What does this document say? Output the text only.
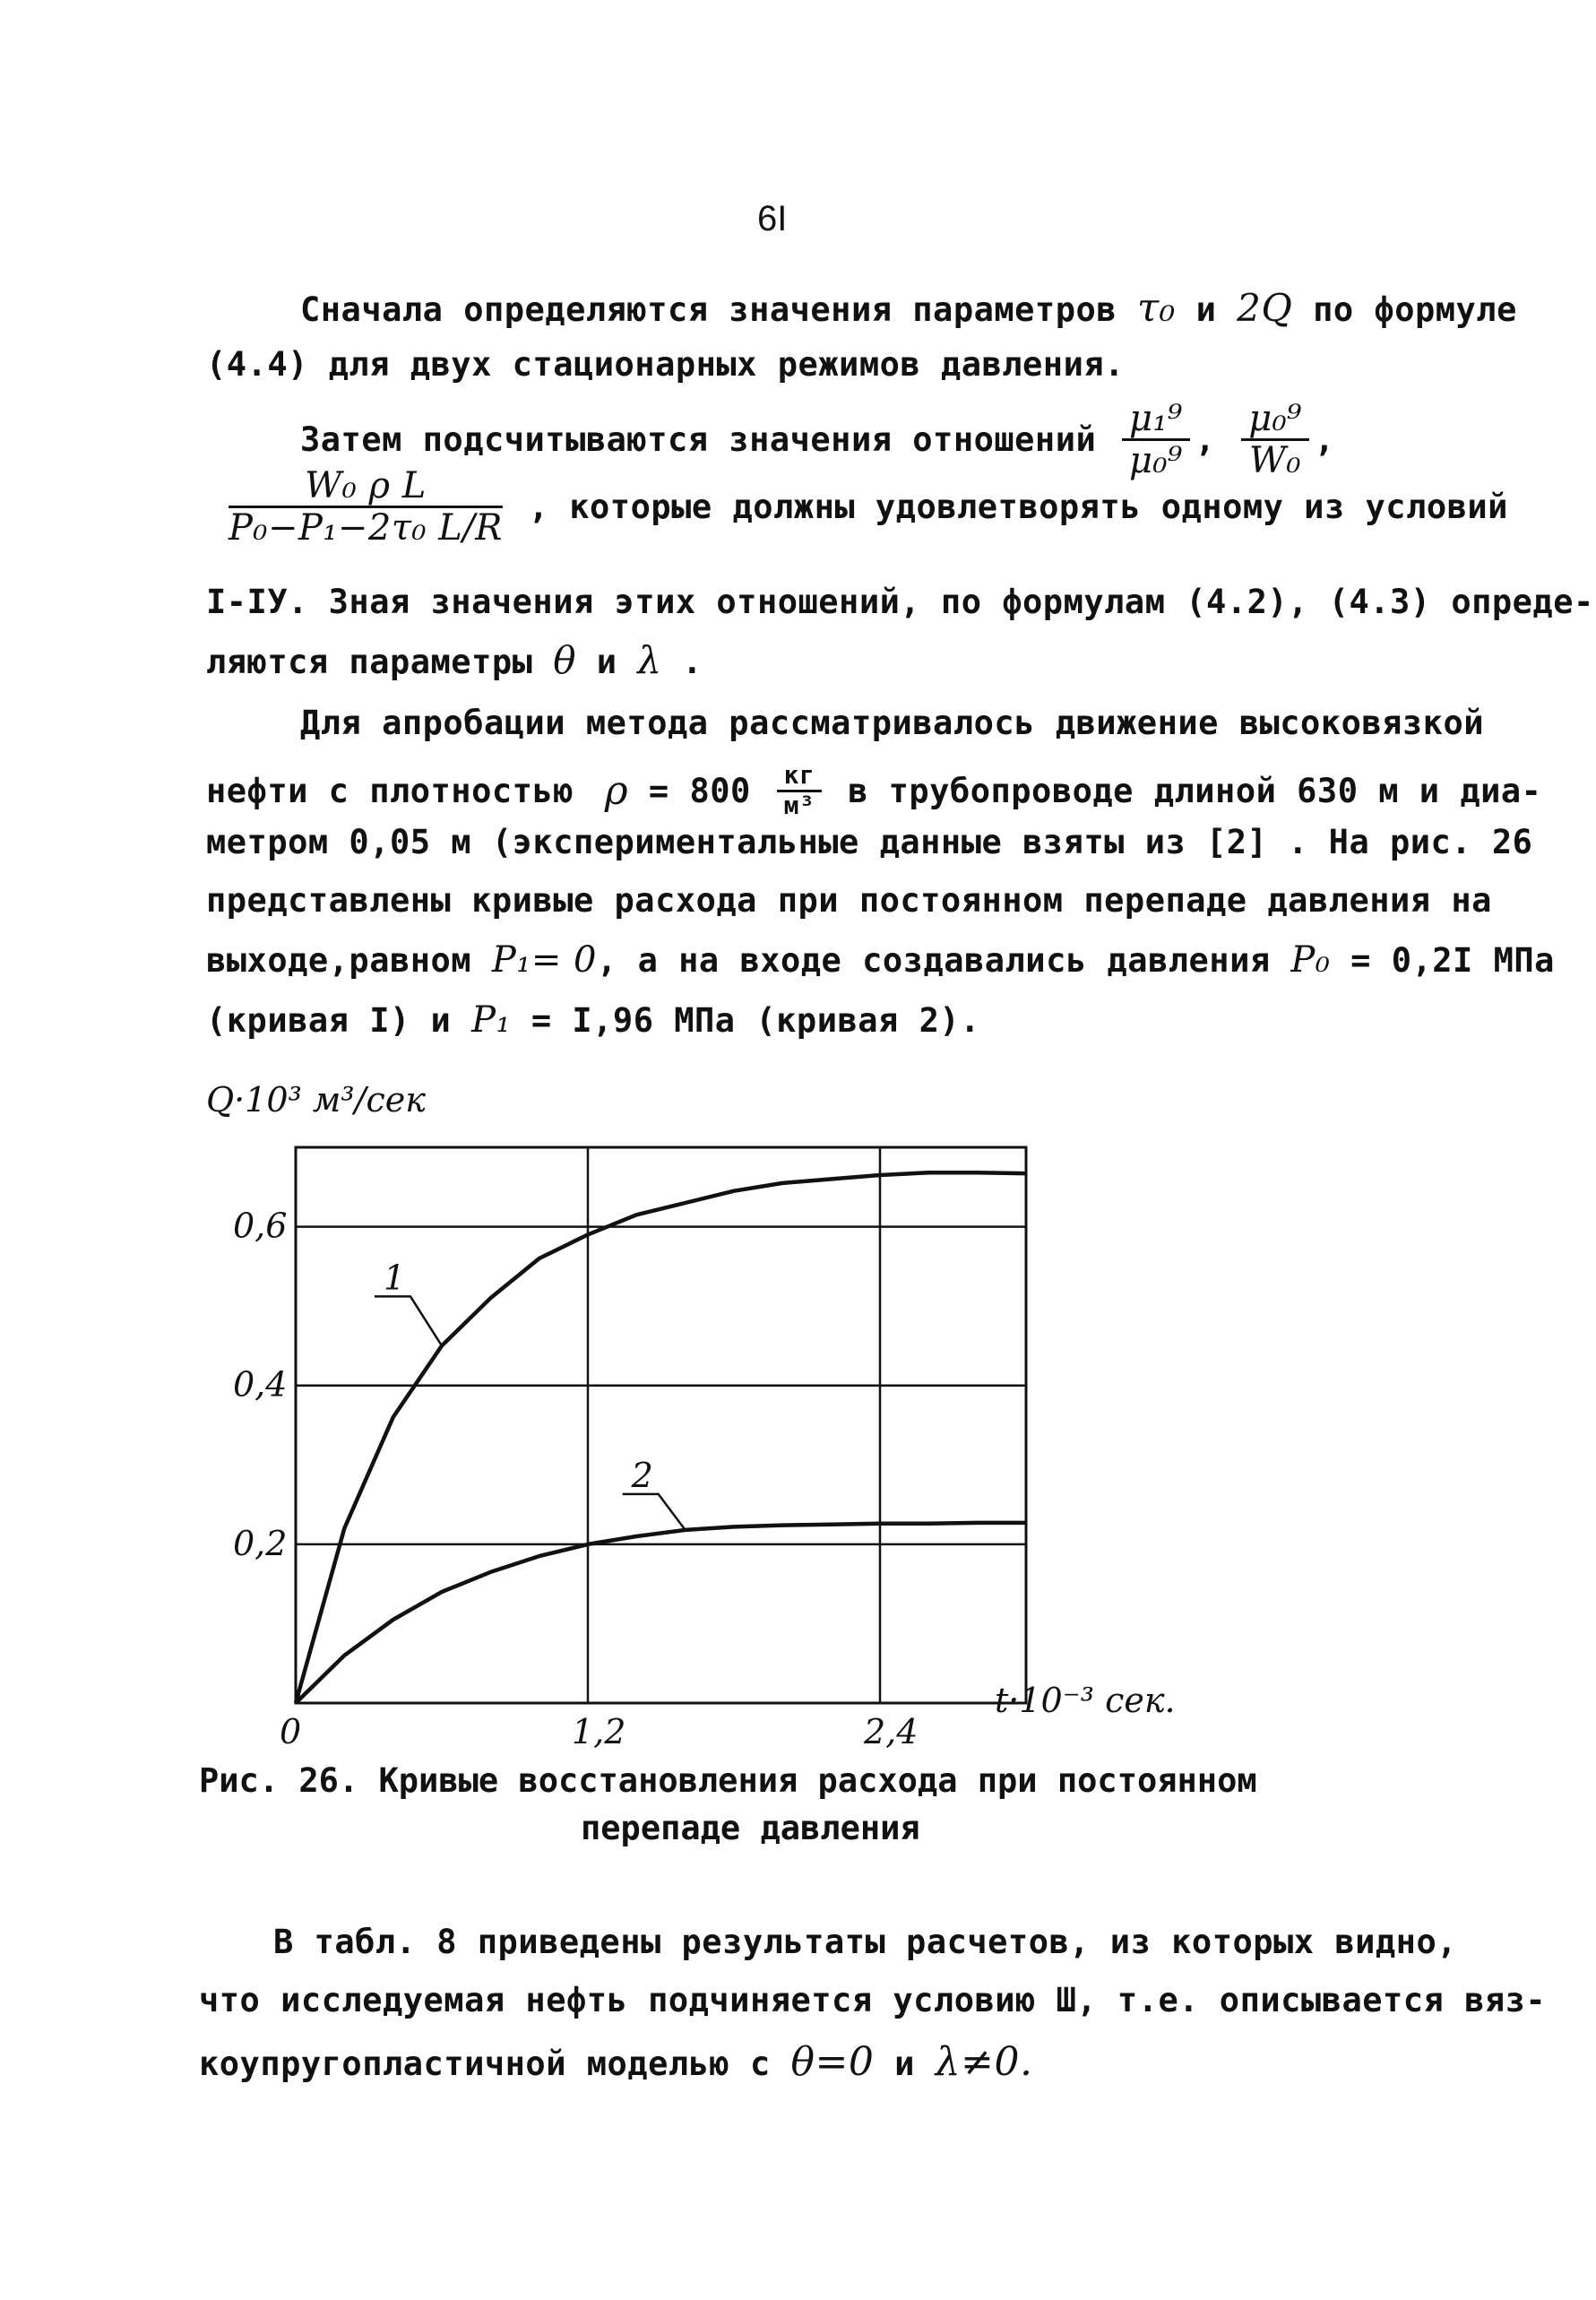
6I
Сначала определяются значения параметров τ₀ и 2Q по формуле
(4.4) для двух стационарных режимов давления.
Затем подсчитываются значения отношений $\frac{\text{μ₁⁹}}{\text{μ₀⁹}}$ , $\frac{\text{μ₀⁹}}{\text{W₀}}$ ,
$\frac{\text{W₀ ρ L}}{\text{P₀−P₁−2τ₀ L/R}}$ , которые должны удовлетворять одному из условий
I-IУ. Зная значения этих отношений, по формулам (4.2), (4.3) опреде-
ляются параметры θ и λ .
Для апробации метода рассматривалось движение высоковязкой
нефти с плотностью $\rho = 800 \frac{кг}{\text{м³}}$ в трубопроводе длиной 630 м и диа-
метром 0,05 м (экспериментальные данные взяты из [2] . На рис. 26
представлены кривые расхода при постоянном перепаде давления на
выходе,равном P₁= 0, а на входе создавались давления P₀ = 0,2I МПа
(кривая I) и P₁ = I,96 МПа (кривая 2).
Q·10³ м³/сек
0,2
0,4
0,6
0	1,2	2,4
1
2
t·10⁻³ сек.
Рис. 26. Кривые восстановления расхода при постоянном
перепаде давления
В табл. 8 приведены результаты расчетов, из которых видно,
что исследуемая нефть подчиняется условию Ш, т.е. описывается вяз-
коупругопластичной моделью с θ=0 и λ≠0.
